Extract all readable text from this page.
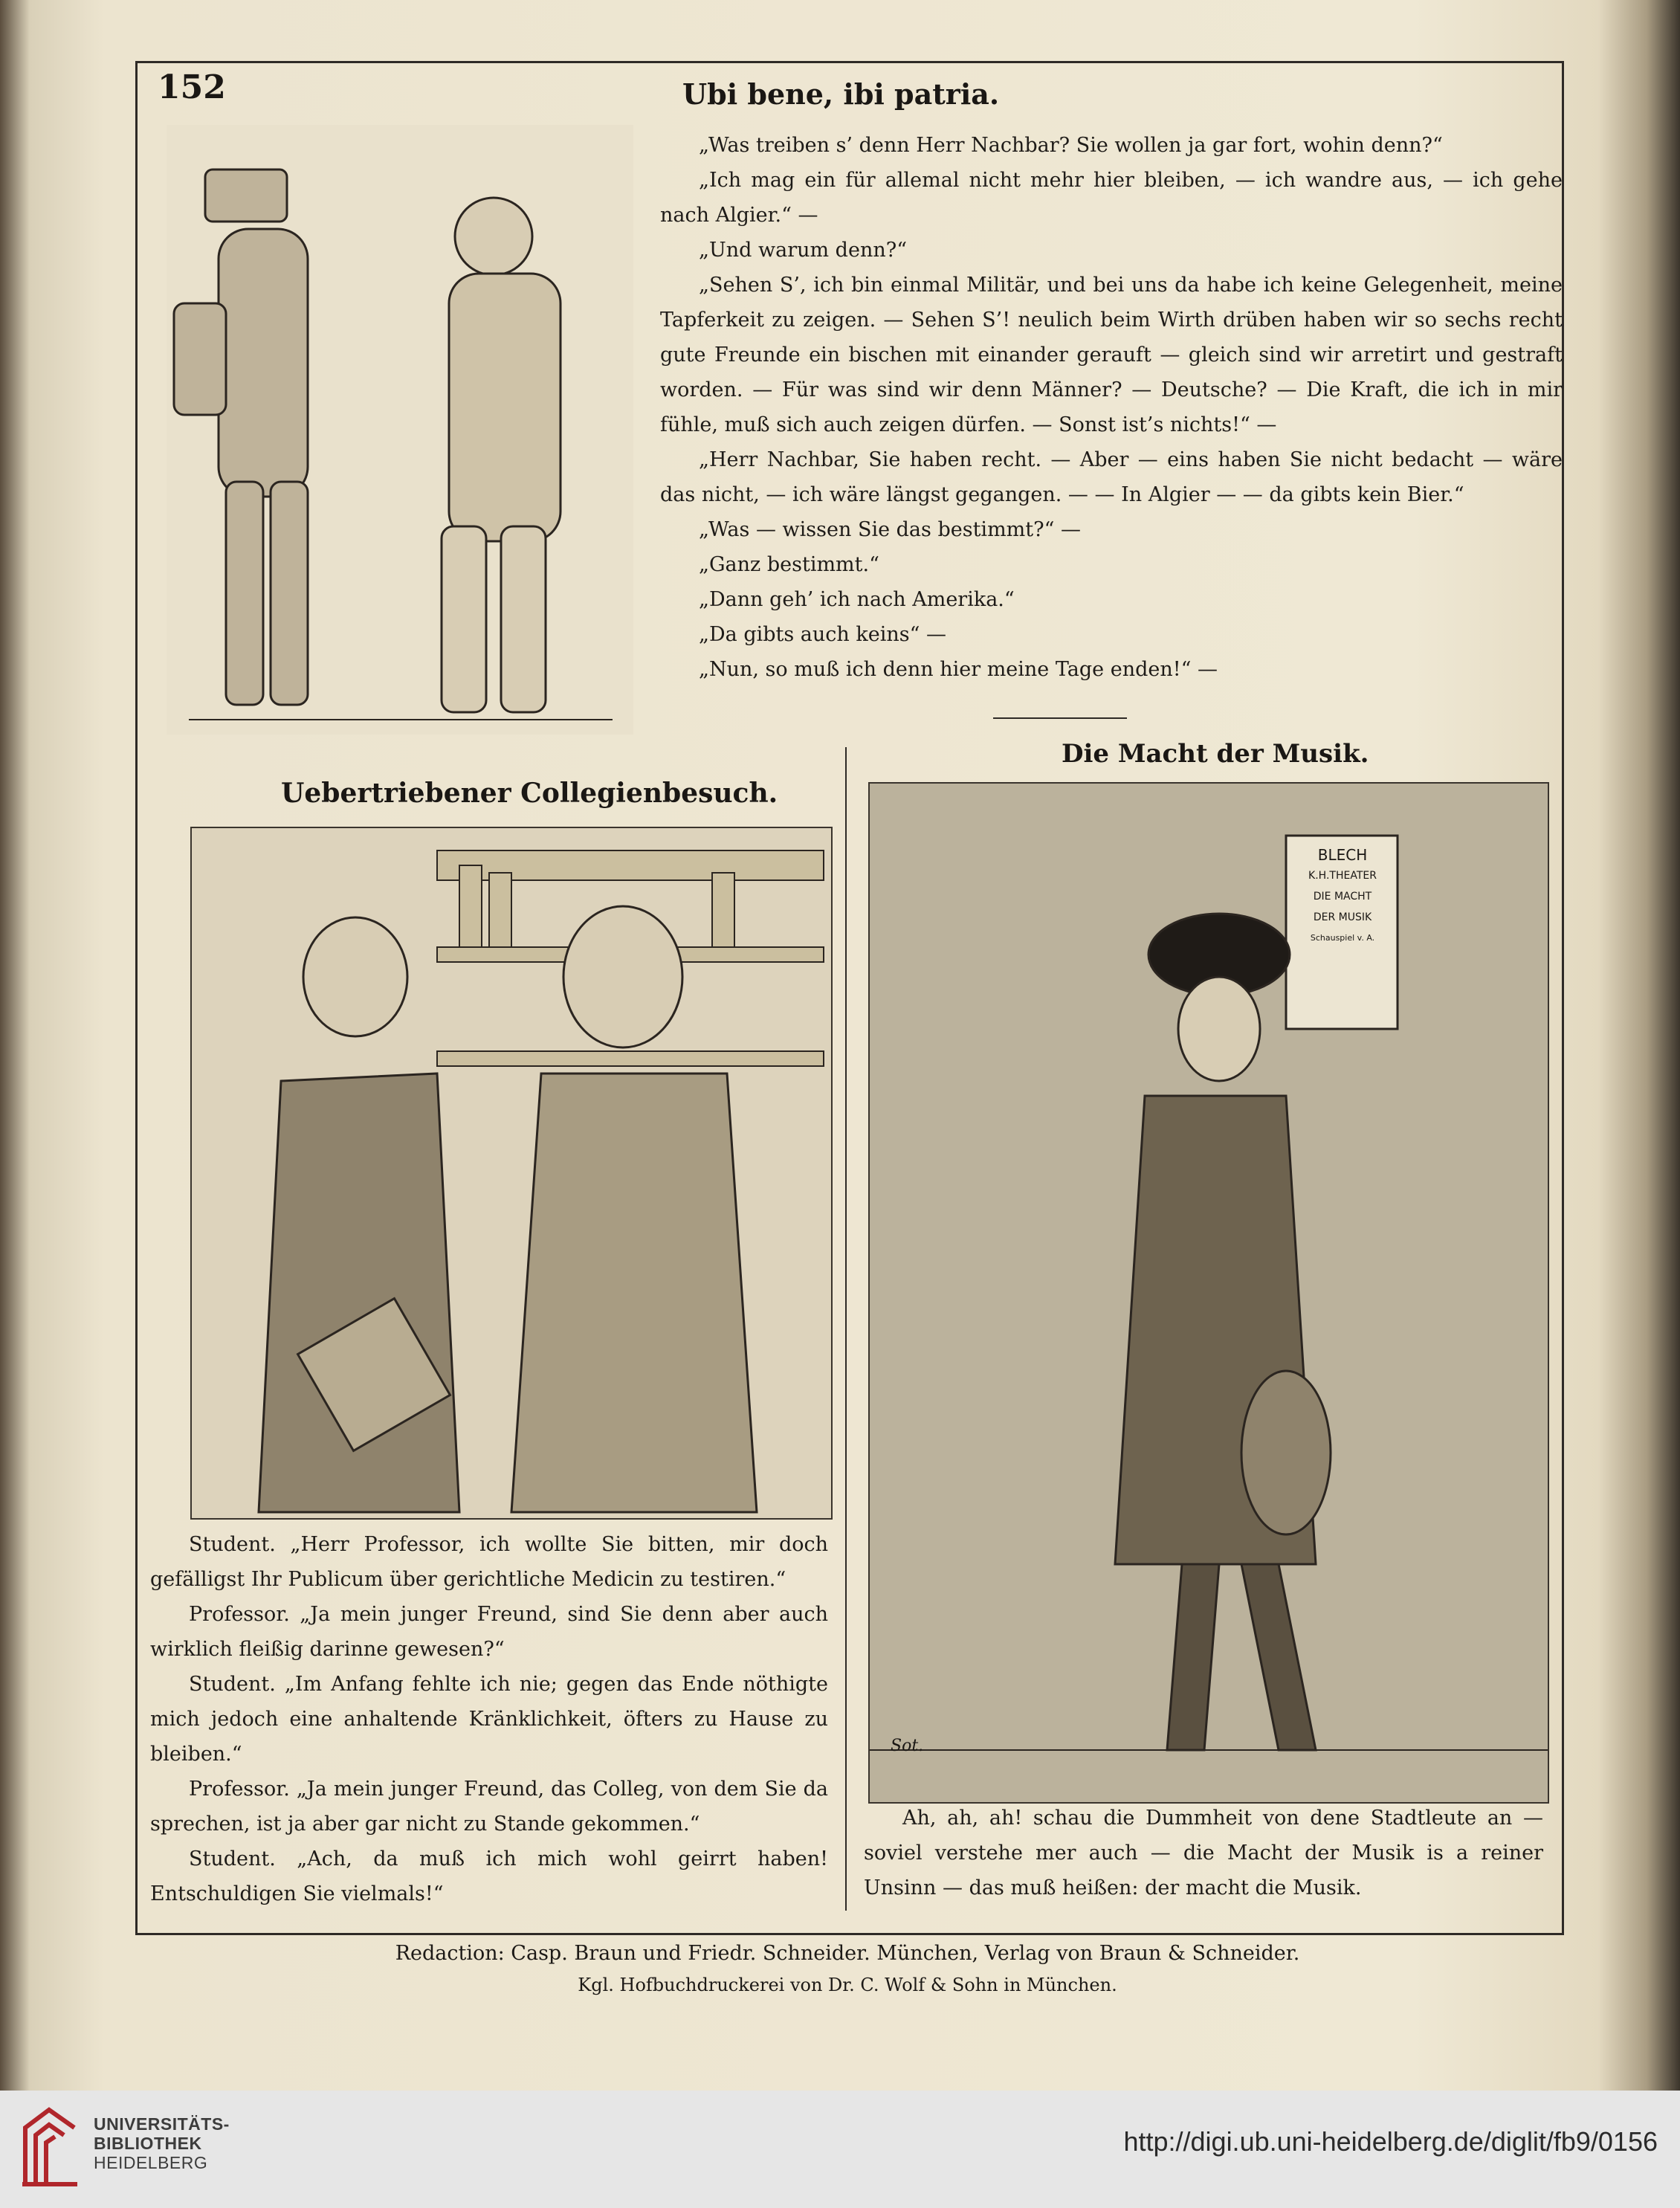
152	Ubi bene, ibi patria.

„Was treiben s’ denn Herr Nachbar? Sie wollen ja gar fort, wohin denn?“

„Ich mag ein für allemal nicht mehr hier bleiben, — ich wandre aus, — ich gehe nach Algier.“ —

„Und warum denn?“

„Sehen S’, ich bin einmal Militär, und bei uns da habe ich keine Gelegenheit, meine Tapferkeit zu zeigen. — Sehen S’! neulich beim Wirth drüben haben wir so sechs recht gute Freunde ein bischen mit einander gerauft — gleich sind wir arretirt und gestraft worden. — Für was sind wir denn Männer? — Deutsche? — Die Kraft, die ich in mir fühle, muß sich auch zeigen dürfen. — Sonst ist’s nichts!“ —

„Herr Nachbar, Sie haben recht. — Aber — eins haben Sie nicht bedacht — wäre das nicht, — ich wäre längst gegangen. — — In Algier — — da gibts kein Bier.“

„Was — wissen Sie das bestimmt?“ —

„Ganz bestimmt.“

„Dann geh’ ich nach Amerika.“

„Da gibts auch keins“ —

„Nun, so muß ich denn hier meine Tage enden!“ —

Uebertriebener Collegienbesuch.

Student. „Herr Professor, ich wollte Sie bitten, mir doch gefälligst Ihr Publicum über gerichtliche Medicin zu testiren.“

Professor. „Ja mein junger Freund, sind Sie denn aber auch wirklich fleißig darinne gewesen?“

Student. „Im Anfang fehlte ich nie; gegen das Ende nöthigte mich jedoch eine anhaltende Kränklichkeit, öfters zu Hause zu bleiben.“

Professor. „Ja mein junger Freund, das Colleg, von dem Sie da sprechen, ist ja aber gar nicht zu Stande gekommen.“

Student. „Ach, da muß ich mich wohl geirrt haben! Entschuldigen Sie vielmals!“

Die Macht der Musik.
BLECH
K.H.THEATER
DIE MACHT
DER MUSIK
Schauspiel v. A.
Sot.

Ah, ah, ah! schau die Dummheit von dene Stadtleute an — soviel verstehe mer auch — die Macht der Musik is a reiner Unsinn — das muß heißen: der macht die Musik.

Redaction: Casp. Braun und Friedr. Schneider. München, Verlag von Braun & Schneider.
Kgl. Hofbuchdruckerei von Dr. C. Wolf & Sohn in München.
UNIVERSITÄTS-
BIBLIOTHEK
HEIDELBERG
http://digi.ub.uni-heidelberg.de/diglit/fb9/0156
